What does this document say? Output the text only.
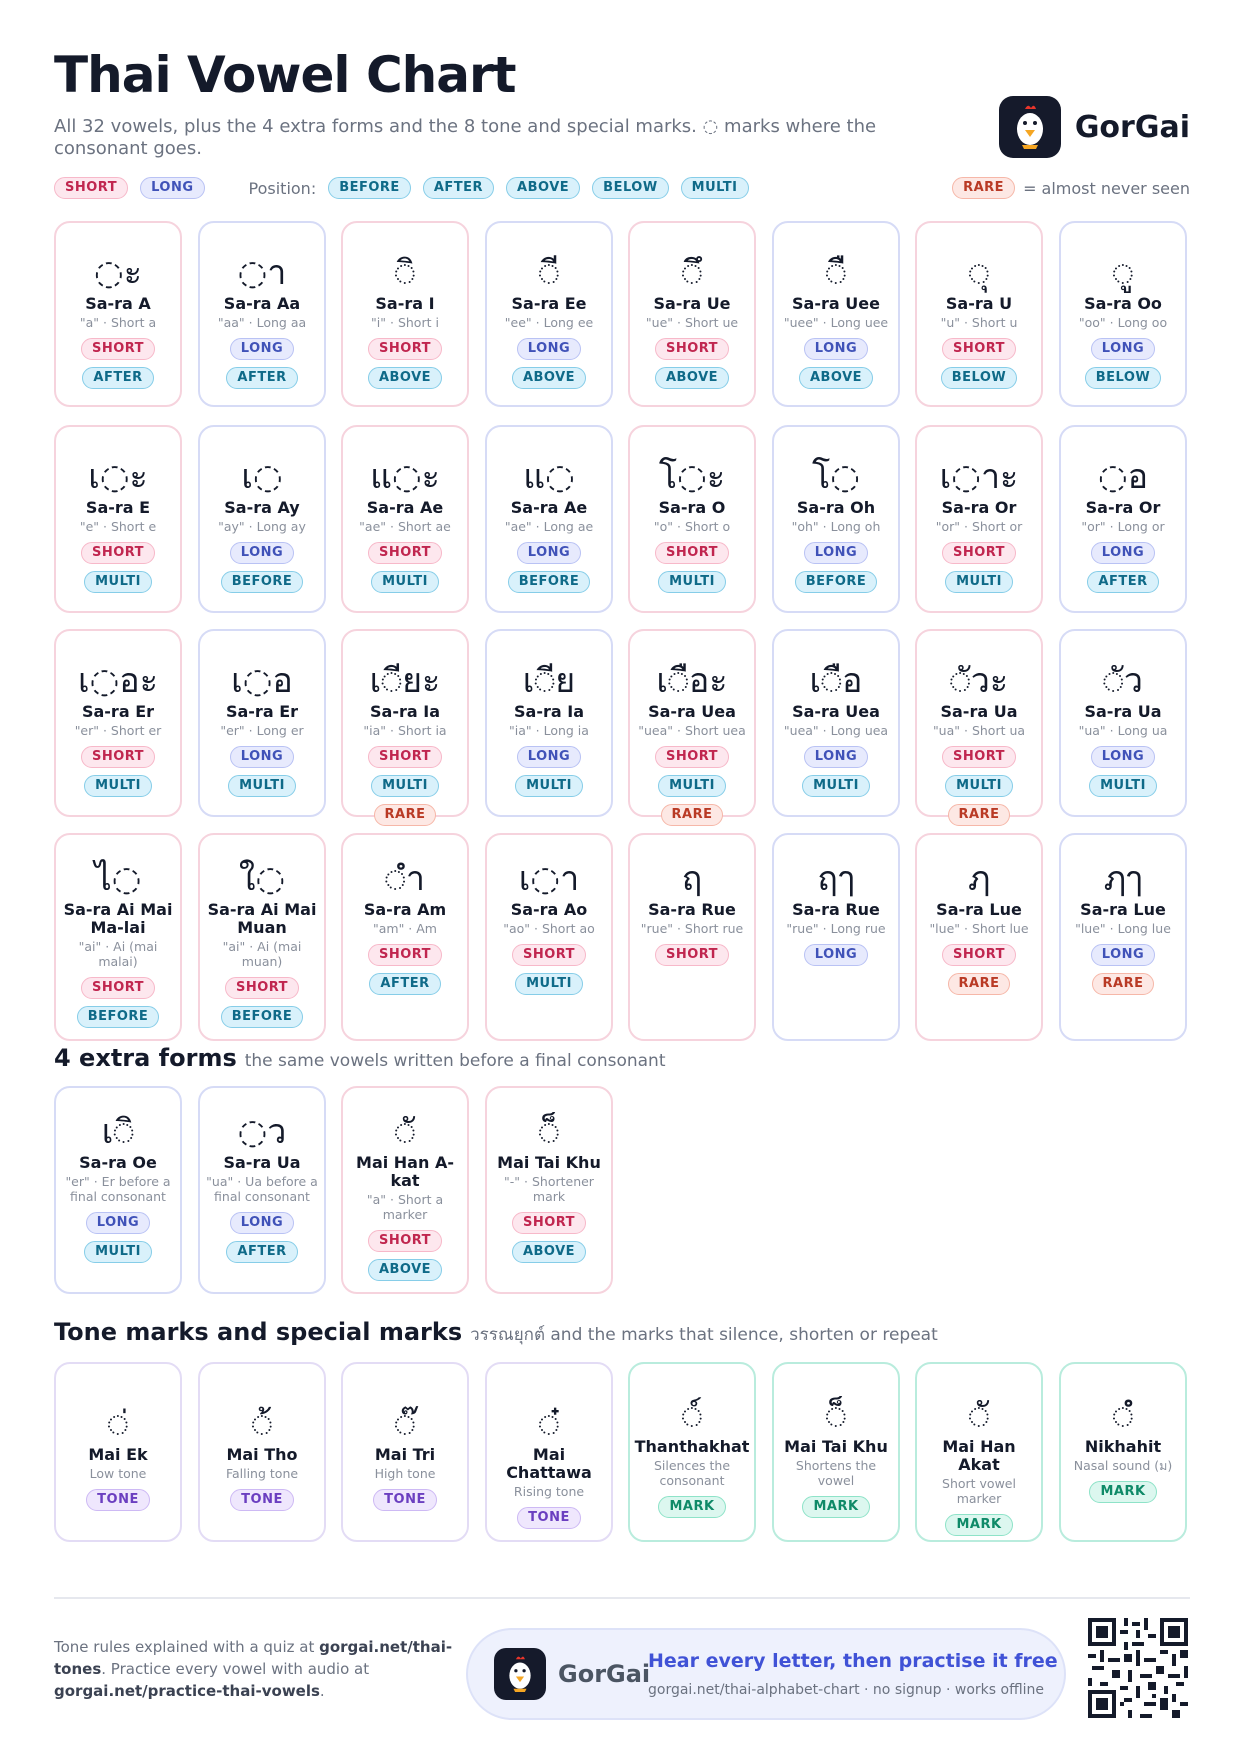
Thai Vowel Chart
All 32 vowels, plus the 4 extra forms and the 8 tone and special marks. ◌ marks where the consonant goes.
GorGai
SHORT	LONG	Position:	BEFORE	AFTER	ABOVE	BELOW	MULTI	RARE	= almost never seen
◌ะ
Sa-ra A
"a" · Short a
SHORT
AFTER
◌า
Sa-ra Aa
"aa" · Long aa
LONG
AFTER
◌ิ
Sa-ra I
"i" · Short i
SHORT
ABOVE
◌ี
Sa-ra Ee
"ee" · Long ee
LONG
ABOVE
◌ึ
Sa-ra Ue
"ue" · Short ue
SHORT
ABOVE
◌ื
Sa-ra Uee
"uee" · Long uee
LONG
ABOVE
◌ุ
Sa-ra U
"u" · Short u
SHORT
BELOW
◌ู
Sa-ra Oo
"oo" · Long oo
LONG
BELOW
เ◌ะ
Sa-ra E
"e" · Short e
SHORT
MULTI
เ◌
Sa-ra Ay
"ay" · Long ay
LONG
BEFORE
แ◌ะ
Sa-ra Ae
"ae" · Short ae
SHORT
MULTI
แ◌
Sa-ra Ae
"ae" · Long ae
LONG
BEFORE
โ◌ะ
Sa-ra O
"o" · Short o
SHORT
MULTI
โ◌
Sa-ra Oh
"oh" · Long oh
LONG
BEFORE
เ◌าะ
Sa-ra Or
"or" · Short or
SHORT
MULTI
◌อ
Sa-ra Or
"or" · Long or
LONG
AFTER
เ◌อะ
Sa-ra Er
"er" · Short er
SHORT
MULTI
เ◌อ
Sa-ra Er
"er" · Long er
LONG
MULTI
เ◌ียะ
Sa-ra Ia
"ia" · Short ia
SHORT
MULTI
RARE
เ◌ีย
Sa-ra Ia
"ia" · Long ia
LONG
MULTI
เ◌ือะ
Sa-ra Uea
"uea" · Short uea
SHORT
MULTI
RARE
เ◌ือ
Sa-ra Uea
"uea" · Long uea
LONG
MULTI
◌ัวะ
Sa-ra Ua
"ua" · Short ua
SHORT
MULTI
RARE
◌ัว
Sa-ra Ua
"ua" · Long ua
LONG
MULTI
ไ◌
Sa-ra Ai Mai Ma-lai
"ai" · Ai (mai malai)
SHORT
BEFORE
ใ◌
Sa-ra Ai Mai Muan
"ai" · Ai (mai muan)
SHORT
BEFORE
◌ำ
Sa-ra Am
"am" · Am
SHORT
AFTER
เ◌า
Sa-ra Ao
"ao" · Short ao
SHORT
MULTI
ฤ
Sa-ra Rue
"rue" · Short rue
SHORT
ฤๅ
Sa-ra Rue
"rue" · Long rue
LONG
ฦ
Sa-ra Lue
"lue" · Short lue
SHORT
RARE
ฦๅ
Sa-ra Lue
"lue" · Long lue
LONG
RARE
4 extra forms the same vowels written before a final consonant
เ◌ิ
Sa-ra Oe
"er" · Er before a final consonant
LONG
MULTI
◌ว
Sa-ra Ua
"ua" · Ua before a final consonant
LONG
AFTER
◌ั
Mai Han A-kat
"a" · Short a marker
SHORT
ABOVE
◌็
Mai Tai Khu
"-" · Shortener mark
SHORT
ABOVE
Tone marks and special marks วรรณยุกต์ and the marks that silence, shorten or repeat
◌่
Mai Ek
Low tone
TONE
◌้
Mai Tho
Falling tone
TONE
◌๊
Mai Tri
High tone
TONE
◌๋
Mai Chattawa
Rising tone
TONE
◌์
Thanthakhat
Silences the consonant
MARK
◌็
Mai Tai Khu
Shortens the vowel
MARK
◌ั
Mai Han Akat
Short vowel marker
MARK
◌ํ
Nikhahit
Nasal sound (ม)
MARK
Tone rules explained with a quiz at gorgai.net/thai-tones. Practice every vowel with audio at gorgai.net/practice-thai-vowels.
GorGai
Hear every letter, then practise it free
gorgai.net/thai-alphabet-chart · no signup · works offline
